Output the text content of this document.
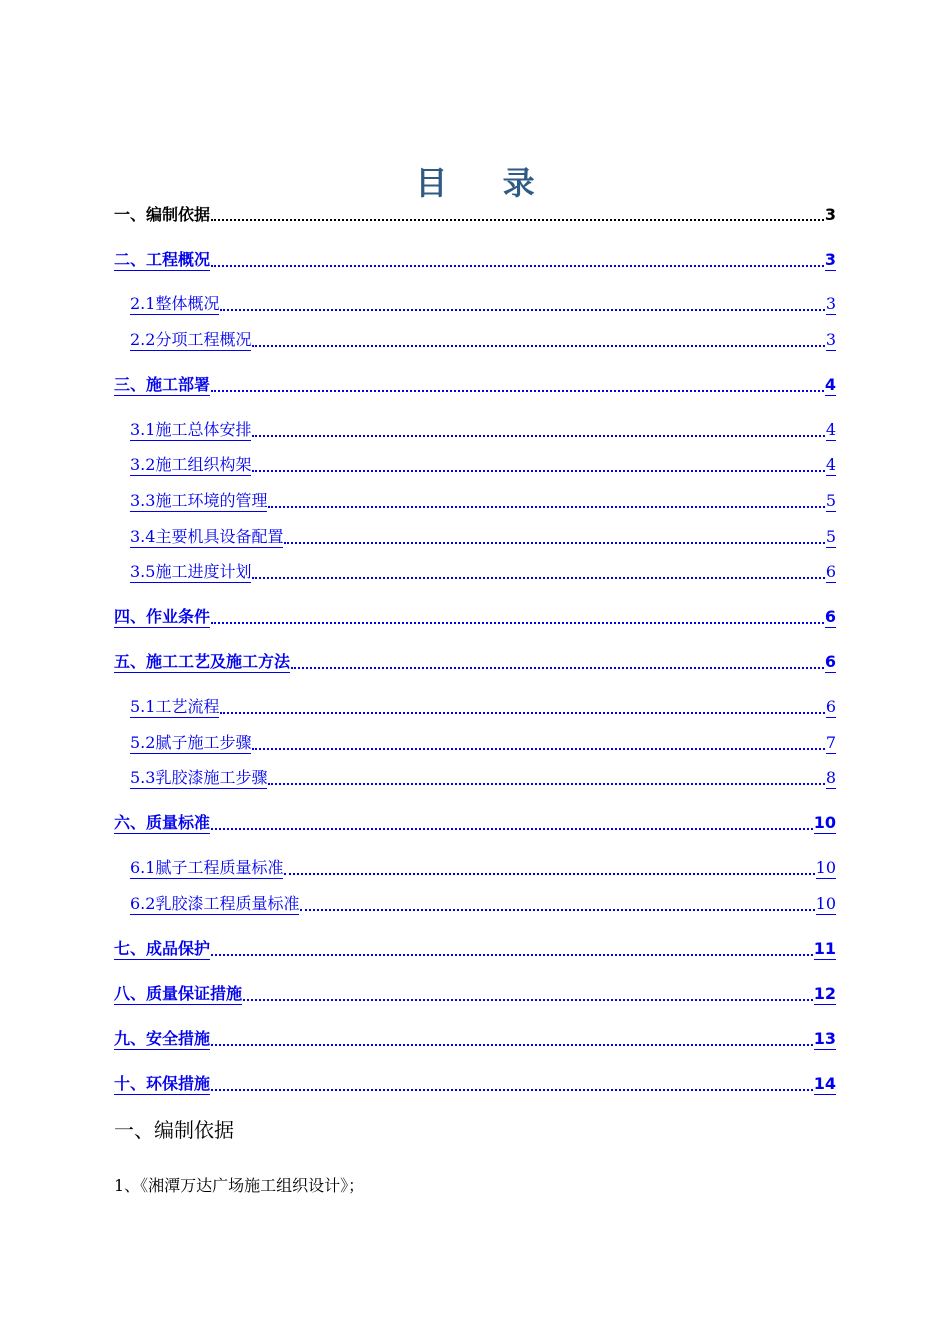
目 录
一、编制依据	3
二、工程概况	3
2.1整体概况	3
2.2分项工程概况	3
三、施工部署	4
3.1施工总体安排	4
3.2施工组织构架	4
3.3施工环境的管理	5
3.4主要机具设备配置	5
3.5施工进度计划	6
四、作业条件	6
五、施工工艺及施工方法	6
5.1工艺流程	6
5.2腻子施工步骤	7
5.3乳胶漆施工步骤	8
六、质量标准	10
6.1腻子工程质量标准	10
6.2乳胶漆工程质量标准	10
七、成品保护	11
八、质量保证措施	12
九、安全措施	13
十、环保措施	14
一、编制依据

1、《湘潭万达广场施工组织设计》；
